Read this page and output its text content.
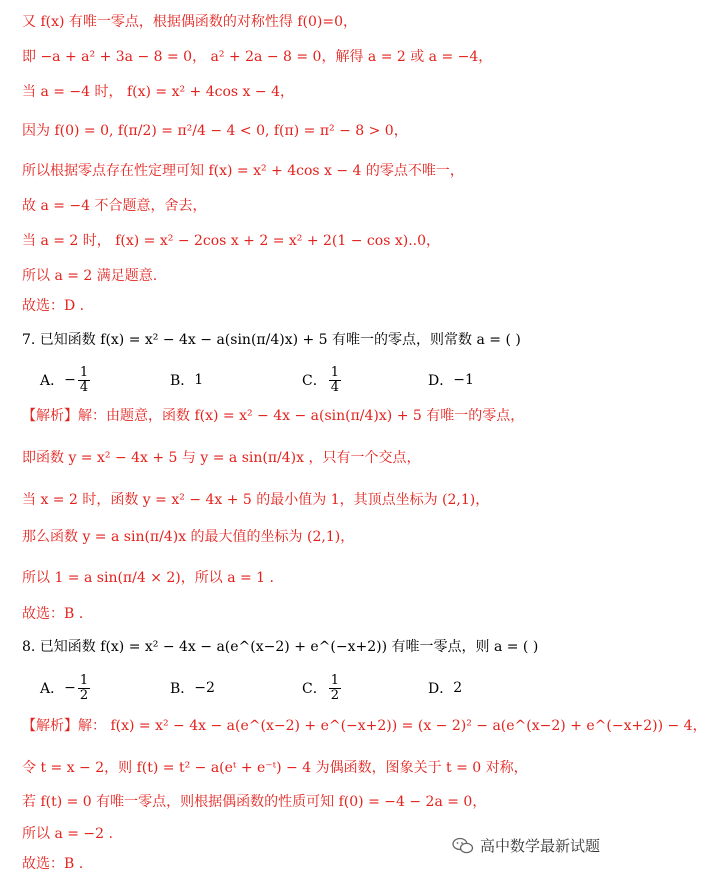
又 f(x) 有唯一零点，根据偶函数的对称性得 f(0)=0，
即 −a + a² + 3a − 8 = 0， a² + 2a − 8 = 0，解得 a = 2 或 a = −4，
当 a = −4 时， f(x) = x² + 4cos x − 4，
因为 f(0) = 0, f(π/2) = π²/4 − 4 < 0, f(π) = π² − 8 > 0，
所以根据零点存在性定理可知 f(x) = x² + 4cos x − 4 的零点不唯一，
故 a = −4 不合题意，舍去，
当 a = 2 时， f(x) = x² − 2cos x + 2 = x² + 2(1 − cos x)..0，
所以 a = 2 满足题意.
故选：D .
7. 已知函数 f(x) = x² − 4x − a(sin(π/4)x) + 5 有唯一的零点，则常数 a = ( )
A． − $\frac{1}{4}$	B． 1	C． $\frac{1}{4}$	D． −1
【解析】解：由题意，函数 f(x) = x² − 4x − a(sin(π/4)x) + 5 有唯一的零点，
即函数 y = x² − 4x + 5 与 y = a sin(π/4)x ，只有一个交点，
当 x = 2 时，函数 y = x² − 4x + 5 的最小值为 1，其顶点坐标为 (2,1)，
那么函数 y = a sin(π/4)x 的最大值的坐标为 (2,1)，
所以 1 = a sin(π/4 × 2)，所以 a = 1 .
故选：B .
8. 已知函数 f(x) = x² − 4x − a(e^(x−2) + e^(−x+2)) 有唯一零点，则 a = ( )
A． − $\frac{1}{2}$	B． −2	C． $\frac{1}{2}$	D． 2
【解析】解： f(x) = x² − 4x − a(e^(x−2) + e^(−x+2)) = (x − 2)² − a(e^(x−2) + e^(−x+2)) − 4，
令 t = x − 2，则 f(t) = t² − a(eᵗ + e⁻ᵗ) − 4 为偶函数，图象关于 t = 0 对称，
若 f(t) = 0 有唯一零点，则根据偶函数的性质可知 f(0) = −4 − 2a = 0，
所以 a = −2 .
故选：B .
高中数学最新试题
